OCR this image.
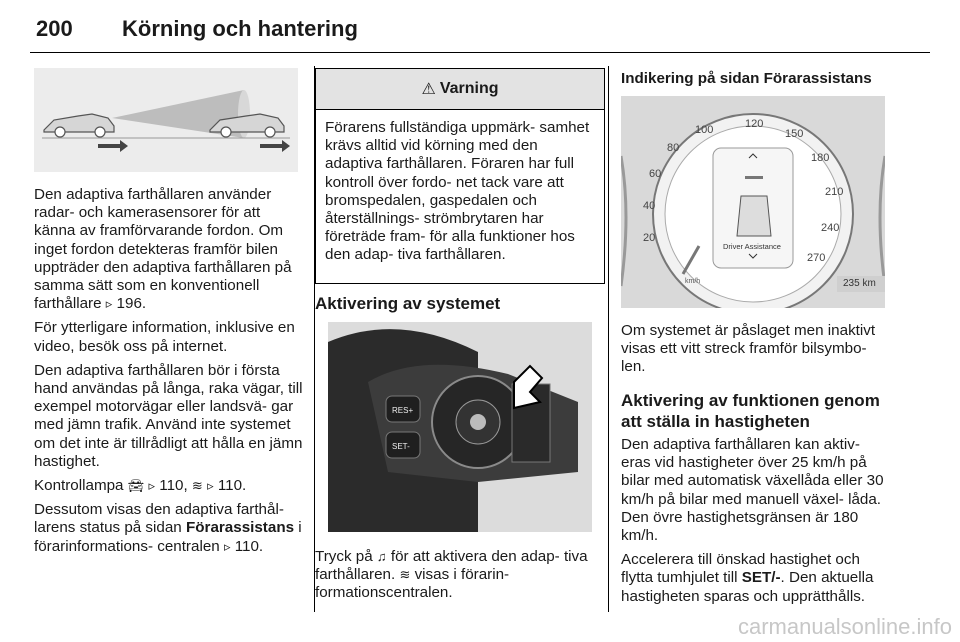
200 Körning och hantering

Den adaptiva farthållaren använder radar- och kamerasensorer för att känna av framförvarande fordon. Om inget fordon detekteras framför bilen uppträder den adaptiva farthållaren på samma sätt som en konventionell farthållare ▹ 196.

För ytterligare information, inklusive en video, besök oss på internet.

Den adaptiva farthållaren bör i första hand användas på långa, raka vägar, till exempel motorvägar eller landsvä- gar med jämn trafik. Använd inte systemet om det inte är tillrådligt att hålla en jämn hastighet.

Kontrollampa 🚘︎ ▹ 110, ≋ ▹ 110.

Dessutom visas den adaptiva farthål- larens status på sidan Förarassistans i förarinformations- centralen ▹ 110.

⚠ Varning
Förarens fullständiga uppmärk- samhet krävs alltid vid körning med den adaptiva farthållaren. Föraren har full kontroll över fordo- net tack vare att bromspedalen, gaspedalen och återställnings- strömbrytaren har företräde fram- för alla funktioner hos den adap- tiva farthållaren.
Aktivering av systemet
RES+
SET-

Tryck på ♫ för att aktivera den adap- tiva farthållaren. ≋ visas i förarin- formationscentralen.

Indikering på sidan Förarassistans
20
40
60
80
100	120
150
180
210
240
270
Driver Assistance
km/h	235 km

Om systemet är påslaget men inaktivt visas ett vitt streck framför bilsymbo- len.

Aktivering av funktionen genom att ställa in hastigheten

Den adaptiva farthållaren kan aktiv- eras vid hastigheter över 25 km/h på bilar med automatisk växellåda eller 30 km/h på bilar med manuell växel- låda. Den övre hastighetsgränsen är 180 km/h.

Accelerera till önskad hastighet och flytta tumhjulet till SET/-. Den aktuella hastigheten sparas och upprätthålls.

carmanualsonline.info
